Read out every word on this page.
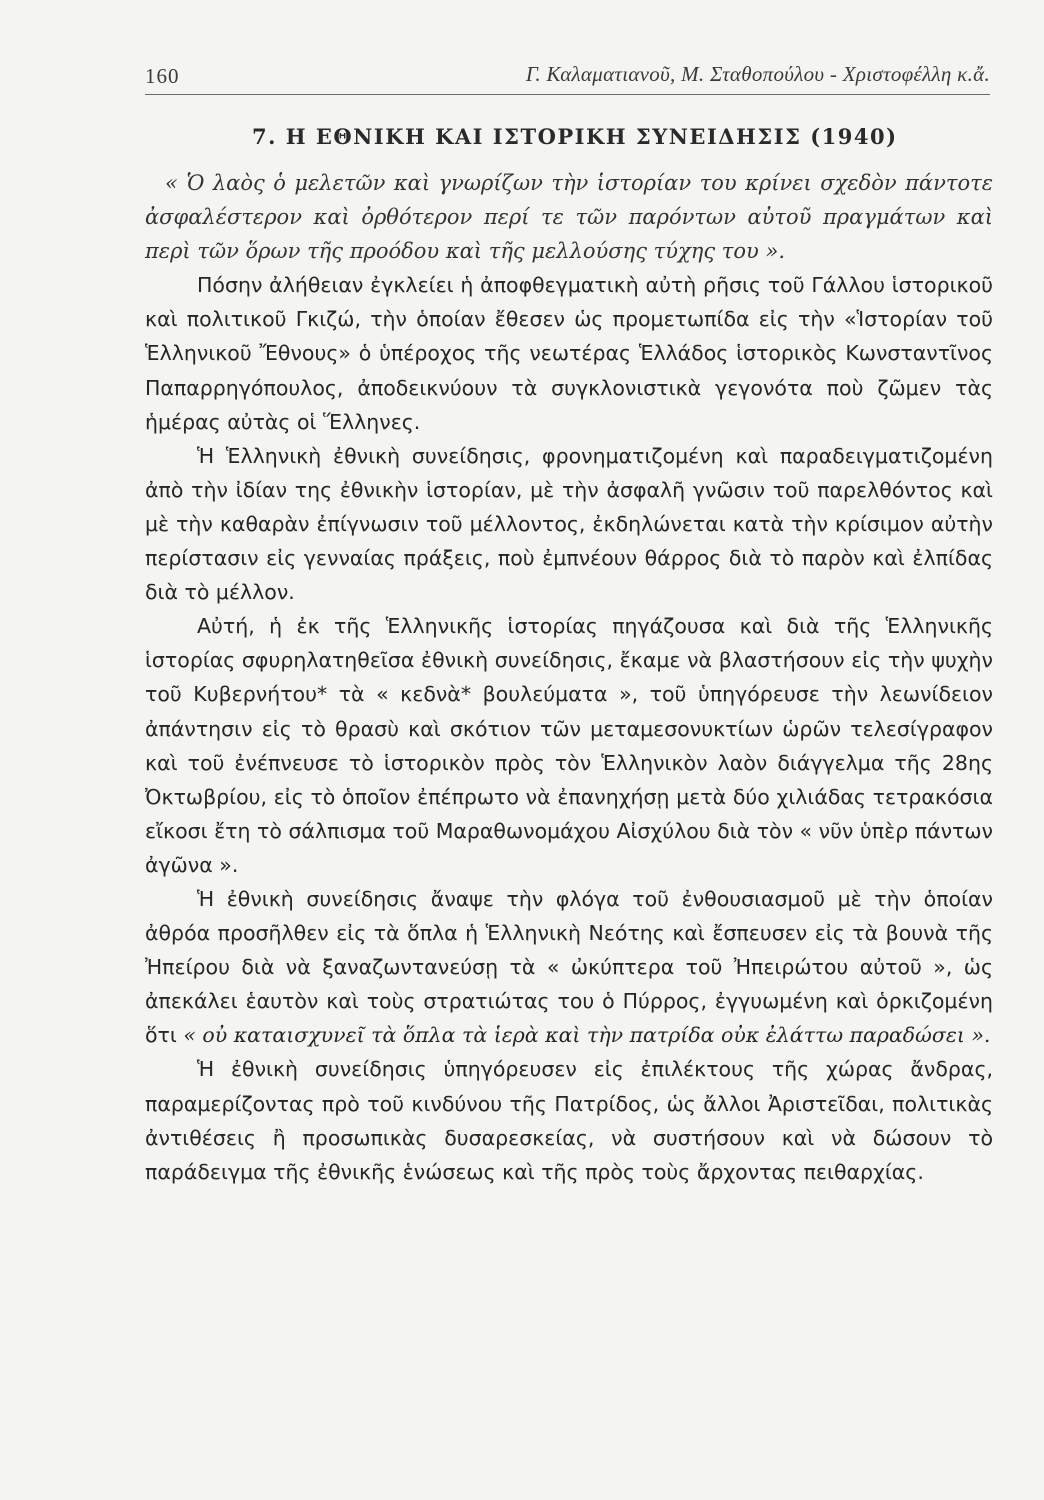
160	Γ. Καλαματιανοῦ, Μ. Σταθοπούλου - Χριστοφέλλη κ.ἄ.
7. Η ΕΘΝΙΚΗ ΚΑΙ ΙΣΤΟΡΙΚΗ ΣΥΝΕΙΔΗΣΙΣ (1940)

« Ὁ λαὸς ὁ μελετῶν καὶ γνωρίζων τὴν ἱστορίαν του κρίνει σχεδὸν πάντοτε ἀσφαλέστερον καὶ ὀρθότερον περί τε τῶν παρόντων αὐτοῦ πραγμάτων καὶ περὶ τῶν ὅρων τῆς προόδου καὶ τῆς μελλούσης τύχης του ».

Πόσην ἀλήθειαν ἐγκλείει ἡ ἀποφθεγματικὴ αὐτὴ ρῆσις τοῦ Γάλλου ἱστορικοῦ καὶ πολιτικοῦ Γκιζώ, τὴν ὁποίαν ἔθεσεν ὡς προμετωπίδα εἰς τὴν «Ἱστορίαν τοῦ Ἑλληνικοῦ Ἔθνους» ὁ ὑπέροχος τῆς νεωτέρας Ἑλλάδος ἱστορικὸς Κωνσταντῖνος Παπαρρηγόπουλος, ἀποδεικνύουν τὰ συγκλονιστικὰ γεγονότα ποὺ ζῶμεν τὰς ἡμέρας αὐτὰς οἱ Ἕλληνες.

Ἡ Ἑλληνικὴ ἐθνικὴ συνείδησις, φρονηματιζομένη καὶ παραδειγματιζομένη ἀπὸ τὴν ἰδίαν της ἐθνικὴν ἱστορίαν, μὲ τὴν ἀσφαλῆ γνῶσιν τοῦ παρελθόντος καὶ μὲ τὴν καθαρὰν ἐπίγνωσιν τοῦ μέλλοντος, ἐκδηλώνεται κατὰ τὴν κρίσιμον αὐτὴν περίστασιν εἰς γενναίας πράξεις, ποὺ ἐμπνέουν θάρρος διὰ τὸ παρὸν καὶ ἐλπίδας διὰ τὸ μέλλον.

Αὐτή, ἡ ἐκ τῆς Ἑλληνικῆς ἱστορίας πηγάζουσα καὶ διὰ τῆς Ἑλληνικῆς ἱστορίας σφυρηλατηθεῖσα ἐθνικὴ συνείδησις, ἔκαμε νὰ βλαστήσουν εἰς τὴν ψυχὴν τοῦ Κυβερνήτου* τὰ « κεδνὰ* βουλεύματα », τοῦ ὑπηγόρευσε τὴν λεωνίδειον ἀπάντησιν εἰς τὸ θρασὺ καὶ σκότιον τῶν μεταμεσονυκτίων ὡρῶν τελεσίγραφον καὶ τοῦ ἐνέπνευσε τὸ ἱστορικὸν πρὸς τὸν Ἑλληνικὸν λαὸν διάγγελμα τῆς 28ης Ὀκτωβρίου, εἰς τὸ ὁποῖον ἐπέπρωτο νὰ ἐπανηχήσῃ μετὰ δύο χιλιάδας τετρακόσια εἴκοσι ἔτη τὸ σάλπισμα τοῦ Μαραθωνομάχου Αἰσχύλου διὰ τὸν « νῦν ὑπὲρ πάντων ἀγῶνα ».

Ἡ ἐθνικὴ συνείδησις ἄναψε τὴν φλόγα τοῦ ἐνθουσιασμοῦ μὲ τὴν ὁποίαν ἀθρόα προσῆλθεν εἰς τὰ ὅπλα ἡ Ἑλληνικὴ Νεότης καὶ ἔσπευσεν εἰς τὰ βουνὰ τῆς Ἠπείρου διὰ νὰ ξαναζωντανεύσῃ τὰ « ὠκύπτερα τοῦ Ἠπειρώτου αὐτοῦ », ὡς ἀπεκάλει ἑαυτὸν καὶ τοὺς στρατιώτας του ὁ Πύρρος, ἐγγυωμένη καὶ ὁρκιζομένη ὅτι « οὐ καταισχυνεῖ τὰ ὅπλα τὰ ἱερὰ καὶ τὴν πατρίδα οὐκ ἐλάττω παραδώσει ».

Ἡ ἐθνικὴ συνείδησις ὑπηγόρευσεν εἰς ἐπιλέκτους τῆς χώρας ἄνδρας, παραμερίζοντας πρὸ τοῦ κινδύνου τῆς Πατρίδος, ὡς ἄλλοι Ἀριστεῖδαι, πολιτικὰς ἀντιθέσεις ἢ προσωπικὰς δυσαρεσκείας, νὰ συστήσουν καὶ νὰ δώσουν τὸ παράδειγμα τῆς ἐθνικῆς ἑνώσεως καὶ τῆς πρὸς τοὺς ἄρχοντας πειθαρχίας.
